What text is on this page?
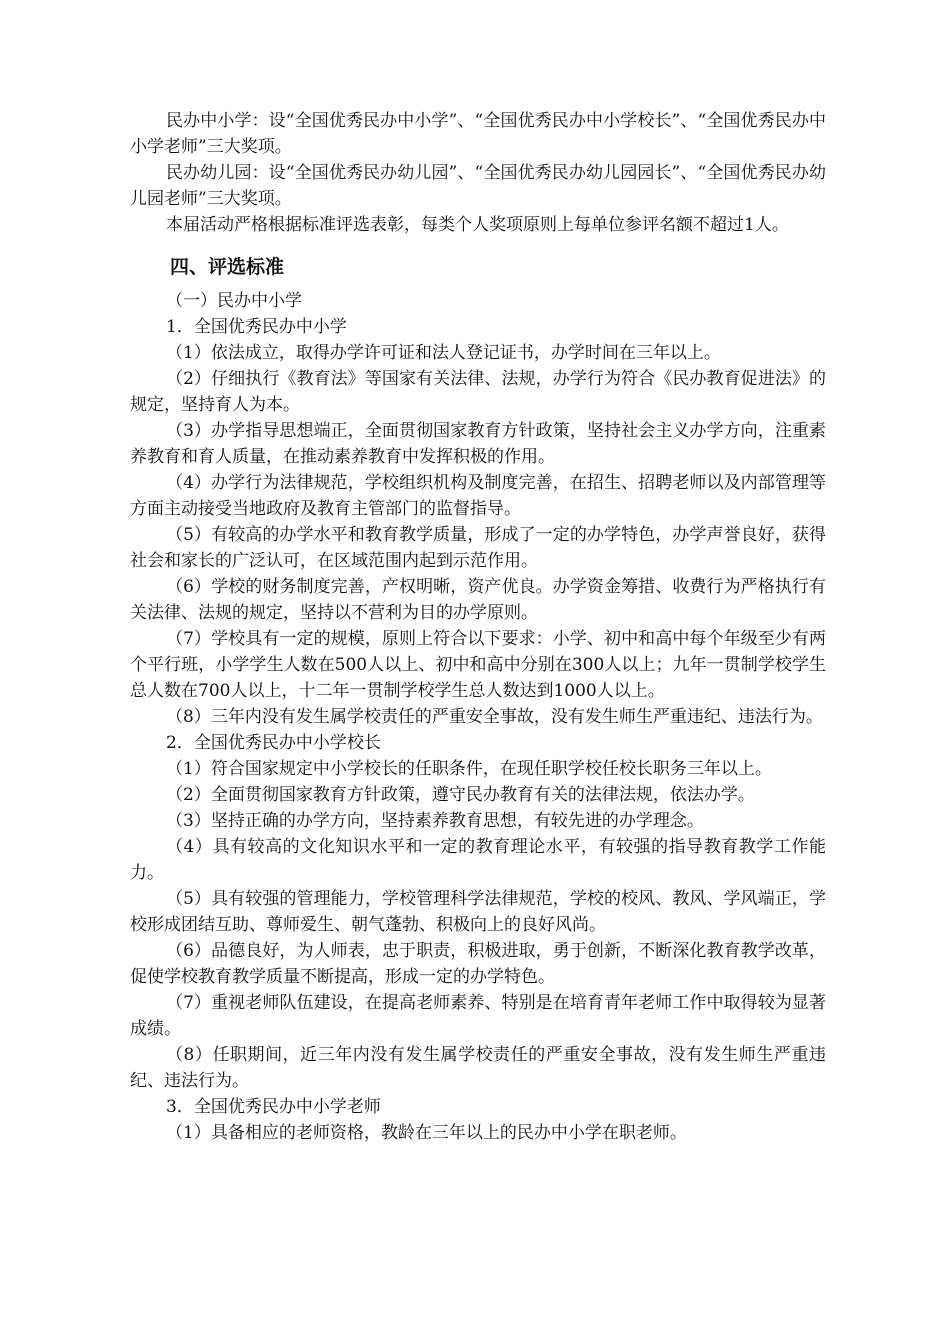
民办中小学：设“全国优秀民办中小学”、“全国优秀民办中小学校长”、“全国优秀民办中小学老师”三大奖项。

民办幼儿园：设“全国优秀民办幼儿园”、“全国优秀民办幼儿园园长”、“全国优秀民办幼儿园老师”三大奖项。

本届活动严格根据标准评选表彰，每类个人奖项原则上每单位参评名额不超过1人。

四、评选标准

（一）民办中小学

1．全国优秀民办中小学

（1）依法成立，取得办学许可证和法人登记证书，办学时间在三年以上。

（2）仔细执行《教育法》等国家有关法律、法规，办学行为符合《民办教育促进法》的规定，坚持育人为本。

（3）办学指导思想端正，全面贯彻国家教育方针政策，坚持社会主义办学方向，注重素养教育和育人质量，在推动素养教育中发挥积极的作用。

（4）办学行为法律规范，学校组织机构及制度完善，在招生、招聘老师以及内部管理等方面主动接受当地政府及教育主管部门的监督指导。

（5）有较高的办学水平和教育教学质量，形成了一定的办学特色，办学声誉良好，获得社会和家长的广泛认可，在区域范围内起到示范作用。

（6）学校的财务制度完善，产权明晰，资产优良。办学资金筹措、收费行为严格执行有关法律、法规的规定，坚持以不营利为目的办学原则。

（7）学校具有一定的规模，原则上符合以下要求：小学、初中和高中每个年级至少有两个平行班，小学学生人数在500人以上、初中和高中分别在300人以上；九年一贯制学校学生总人数在700人以上，十二年一贯制学校学生总人数达到1000人以上。

（8）三年内没有发生属学校责任的严重安全事故，没有发生师生严重违纪、违法行为。

2．全国优秀民办中小学校长

（1）符合国家规定中小学校长的任职条件，在现任职学校任校长职务三年以上。

（2）全面贯彻国家教育方针政策，遵守民办教育有关的法律法规，依法办学。

（3）坚持正确的办学方向，坚持素养教育思想，有较先进的办学理念。

（4）具有较高的文化知识水平和一定的教育理论水平，有较强的指导教育教学工作能力。

（5）具有较强的管理能力，学校管理科学法律规范，学校的校风、教风、学风端正，学校形成团结互助、尊师爱生、朝气蓬勃、积极向上的良好风尚。

（6）品德良好，为人师表，忠于职责，积极进取，勇于创新，不断深化教育教学改革，促使学校教育教学质量不断提高，形成一定的办学特色。

（7）重视老师队伍建设，在提高老师素养、特别是在培育青年老师工作中取得较为显著成绩。

（8）任职期间，近三年内没有发生属学校责任的严重安全事故，没有发生师生严重违纪、违法行为。

3．全国优秀民办中小学老师

（1）具备相应的老师资格，教龄在三年以上的民办中小学在职老师。
